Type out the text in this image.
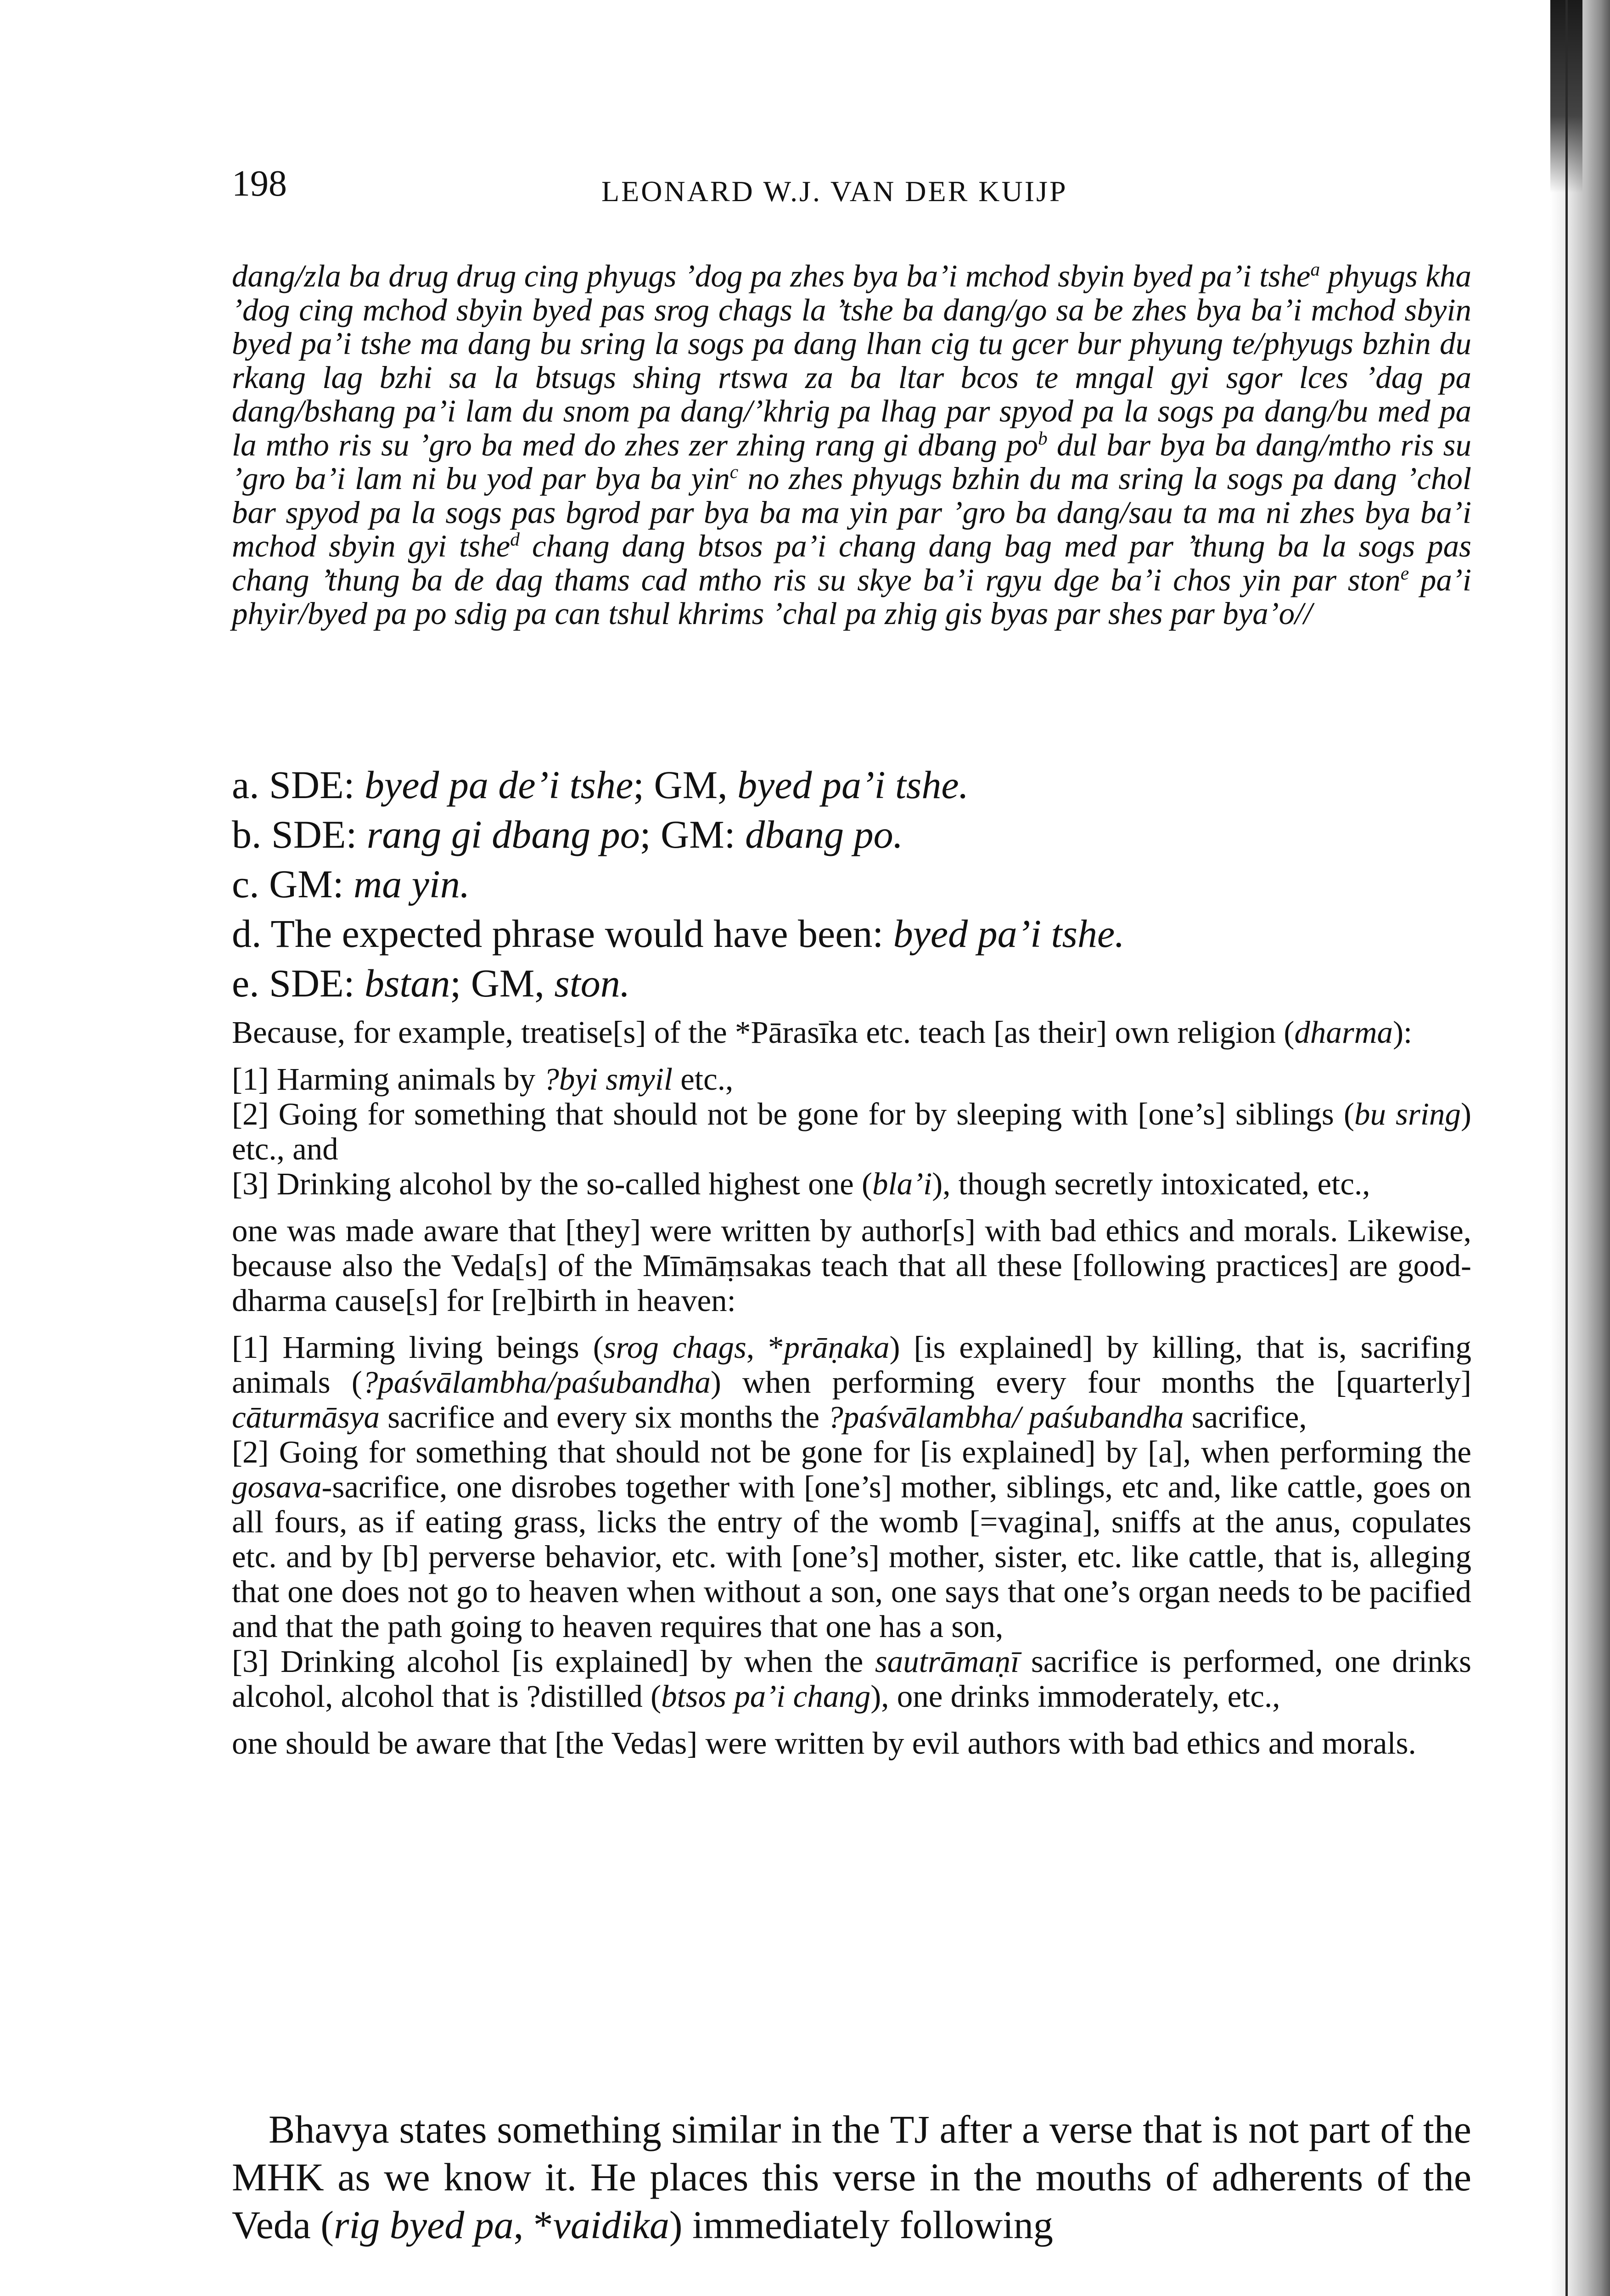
198	LEONARD W.J. VAN DER KUIJP

dang/zla ba drug drug cing phyugs ’dog pa zhes bya ba’i mchod sbyin byed pa’i tshe$^a$ phyugs kha ’dog cing mchod sbyin byed pas srog chags la ’tshe ba dang/go sa be zhes bya ba’i mchod sbyin byed pa’i tshe ma dang bu sring la sogs pa dang lhan cig tu gcer bur phyung te/phyugs bzhin du rkang lag bzhi sa la btsugs shing rtswa za ba ltar bcos te mngal gyi sgor lces ’dag pa dang/bshang pa’i lam du snom pa dang/’khrig pa lhag par spyod pa la sogs pa dang/bu med pa la mtho ris su ’gro ba med do zhes zer zhing rang gi dbang $po^b$ dul bar bya ba dang/mtho ris su ’gro ba’i lam ni bu yod par bya ba yin$^c$ no zhes phyugs bzhin du ma sring la sogs pa dang ’chol bar spyod pa la sogs pas bgrod par bya ba ma yin par ’gro ba dang/sau ta ma ni zhes bya ba’i mchod sbyin gyi tshe$^d$ chang dang btsos pa’i chang dang bag med par ’thung ba la sogs pas chang ’thung ba de dag thams cad mtho ris su skye ba’i rgyu dge ba’i chos yin par ston$^e$ pa’i phyir/byed pa po sdig pa can tshul khrims ’chal pa zhig gis byas par shes par bya’o//

a. SDE: byed pa de’i tshe; GM, byed pa’i tshe.
b. SDE: rang gi dbang po; GM: dbang po.
c. GM: ma yin.
d. The expected phrase would have been: byed pa’i tshe.
e. SDE: bstan; GM, ston.

Because, for example, treatise[s] of the *Pārasīka etc. teach [as their] own religion (dharma):

[1] Harming animals by ?byi smyil etc.,
[2] Going for something that should not be gone for by sleeping with [one’s] siblings (bu sring) etc., and
[3] Drinking alcohol by the so-called highest one (bla’i), though secretly intoxicated, etc.,

one was made aware that [they] were written by author[s] with bad ethics and morals. Likewise, because also the Veda[s] of the Mīmāṃsakas teach that all these [following practices] are good-dharma cause[s] for [re]birth in heaven:

[1] Harming living beings (srog chags, *prāṇaka) [is explained] by killing, that is, sacrifing animals (?paśvālambha/paśubandha) when performing every four months the [quarterly] cāturmāsya sacrifice and every six months the ?paśvālambha/ paśubandha sacrifice,
[2] Going for something that should not be gone for [is explained] by [a], when performing the gosava-sacrifice, one disrobes together with [one’s] mother, siblings, etc and, like cattle, goes on all fours, as if eating grass, licks the entry of the womb [=vagina], sniffs at the anus, copulates etc. and by [b] perverse behavior, etc. with [one’s] mother, sister, etc. like cattle, that is, alleging that one does not go to heaven when without a son, one says that one’s organ needs to be pacified and that the path going to heaven requires that one has a son,
[3] Drinking alcohol [is explained] by when the sautrāmaṇī sacrifice is performed, one drinks alcohol, alcohol that is ?distilled (btsos pa’i chang), one drinks immoderately, etc.,

one should be aware that [the Vedas] were written by evil authors with bad ethics and morals.

Bhavya states something similar in the TJ after a verse that is not part of the MHK as we know it. He places this verse in the mouths of adherents of the Veda (rig byed pa, *vaidika) immediately following
